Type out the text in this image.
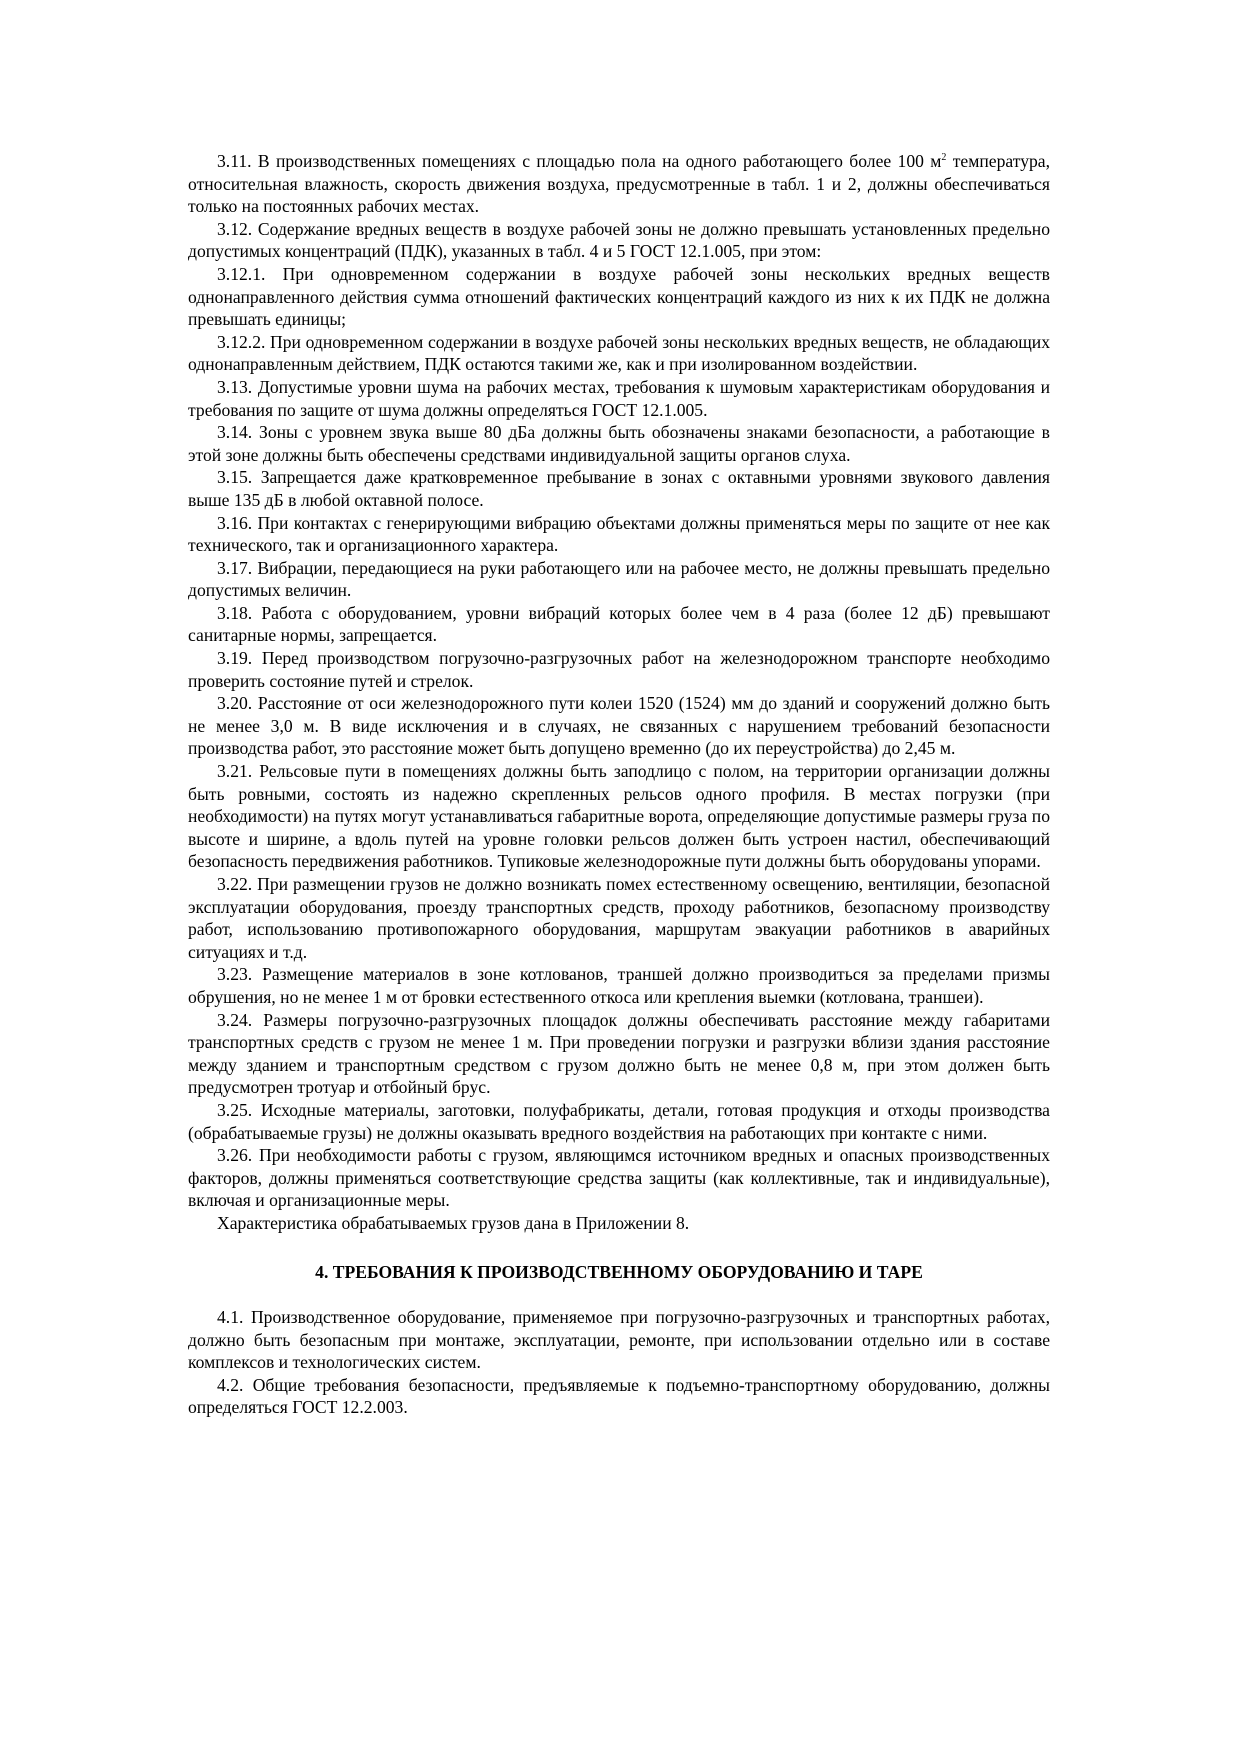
3.11. В производственных помещениях с площадью пола на одного работающего более 100 $м^2$ температура, относительная влажность, скорость движения воздуха, предусмотренные в табл. 1 и 2, должны обеспечиваться только на постоянных рабочих местах.

3.12. Содержание вредных веществ в воздухе рабочей зоны не должно превышать установленных предельно допустимых концентраций (ПДК), указанных в табл. 4 и 5 ГОСТ 12.1.005, при этом:

3.12.1. При одновременном содержании в воздухе рабочей зоны нескольких вредных веществ однонаправленного действия сумма отношений фактических концентраций каждого из них к их ПДК не должна превышать единицы;

3.12.2. При одновременном содержании в воздухе рабочей зоны нескольких вредных веществ, не обладающих однонаправленным действием, ПДК остаются такими же, как и при изолированном воздействии.

3.13. Допустимые уровни шума на рабочих местах, требования к шумовым характеристикам оборудования и требования по защите от шума должны определяться ГОСТ 12.1.005.

3.14. Зоны с уровнем звука выше 80 дБа должны быть обозначены знаками безопасности, а работающие в этой зоне должны быть обеспечены средствами индивидуальной защиты органов слуха.

3.15. Запрещается даже кратковременное пребывание в зонах с октавными уровнями звукового давления выше 135 дБ в любой октавной полосе.

3.16. При контактах с генерирующими вибрацию объектами должны применяться меры по защите от нее как технического, так и организационного характера.

3.17. Вибрации, передающиеся на руки работающего или на рабочее место, не должны превышать предельно допустимых величин.

3.18. Работа с оборудованием, уровни вибраций которых более чем в 4 раза (более 12 дБ) превышают санитарные нормы, запрещается.

3.19. Перед производством погрузочно-разгрузочных работ на железнодорожном транспорте необходимо проверить состояние путей и стрелок.

3.20. Расстояние от оси железнодорожного пути колеи 1520 (1524) мм до зданий и сооружений должно быть не менее 3,0 м. В виде исключения и в случаях, не связанных с нарушением требований безопасности производства работ, это расстояние может быть допущено временно (до их переустройства) до 2,45 м.

3.21. Рельсовые пути в помещениях должны быть заподлицо с полом, на территории организации должны быть ровными, состоять из надежно скрепленных рельсов одного профиля. В местах погрузки (при необходимости) на путях могут устанавливаться габаритные ворота, определяющие допустимые размеры груза по высоте и ширине, а вдоль путей на уровне головки рельсов должен быть устроен настил, обеспечивающий безопасность передвижения работников. Тупиковые железнодорожные пути должны быть оборудованы упорами.

3.22. При размещении грузов не должно возникать помех естественному освещению, вентиляции, безопасной эксплуатации оборудования, проезду транспортных средств, проходу работников, безопасному производству работ, использованию противопожарного оборудования, маршрутам эвакуации работников в аварийных ситуациях и т.д.

3.23. Размещение материалов в зоне котлованов, траншей должно производиться за пределами призмы обрушения, но не менее 1 м от бровки естественного откоса или крепления выемки (котлована, траншеи).

3.24. Размеры погрузочно-разгрузочных площадок должны обеспечивать расстояние между габаритами транспортных средств с грузом не менее 1 м. При проведении погрузки и разгрузки вблизи здания расстояние между зданием и транспортным средством с грузом должно быть не менее 0,8 м, при этом должен быть предусмотрен тротуар и отбойный брус.

3.25. Исходные материалы, заготовки, полуфабрикаты, детали, готовая продукция и отходы производства (обрабатываемые грузы) не должны оказывать вредного воздействия на работающих при контакте с ними.

3.26. При необходимости работы с грузом, являющимся источником вредных и опасных производственных факторов, должны применяться соответствующие средства защиты (как коллективные, так и индивидуальные), включая и организационные меры.

Характеристика обрабатываемых грузов дана в Приложении 8.

4. ТРЕБОВАНИЯ К ПРОИЗВОДСТВЕННОМУ ОБОРУДОВАНИЮ И ТАРЕ

4.1. Производственное оборудование, применяемое при погрузочно-разгрузочных и транспортных работах, должно быть безопасным при монтаже, эксплуатации, ремонте, при использовании отдельно или в составе комплексов и технологических систем.

4.2. Общие требования безопасности, предъявляемые к подъемно-транспортному оборудованию, должны определяться ГОСТ 12.2.003.
